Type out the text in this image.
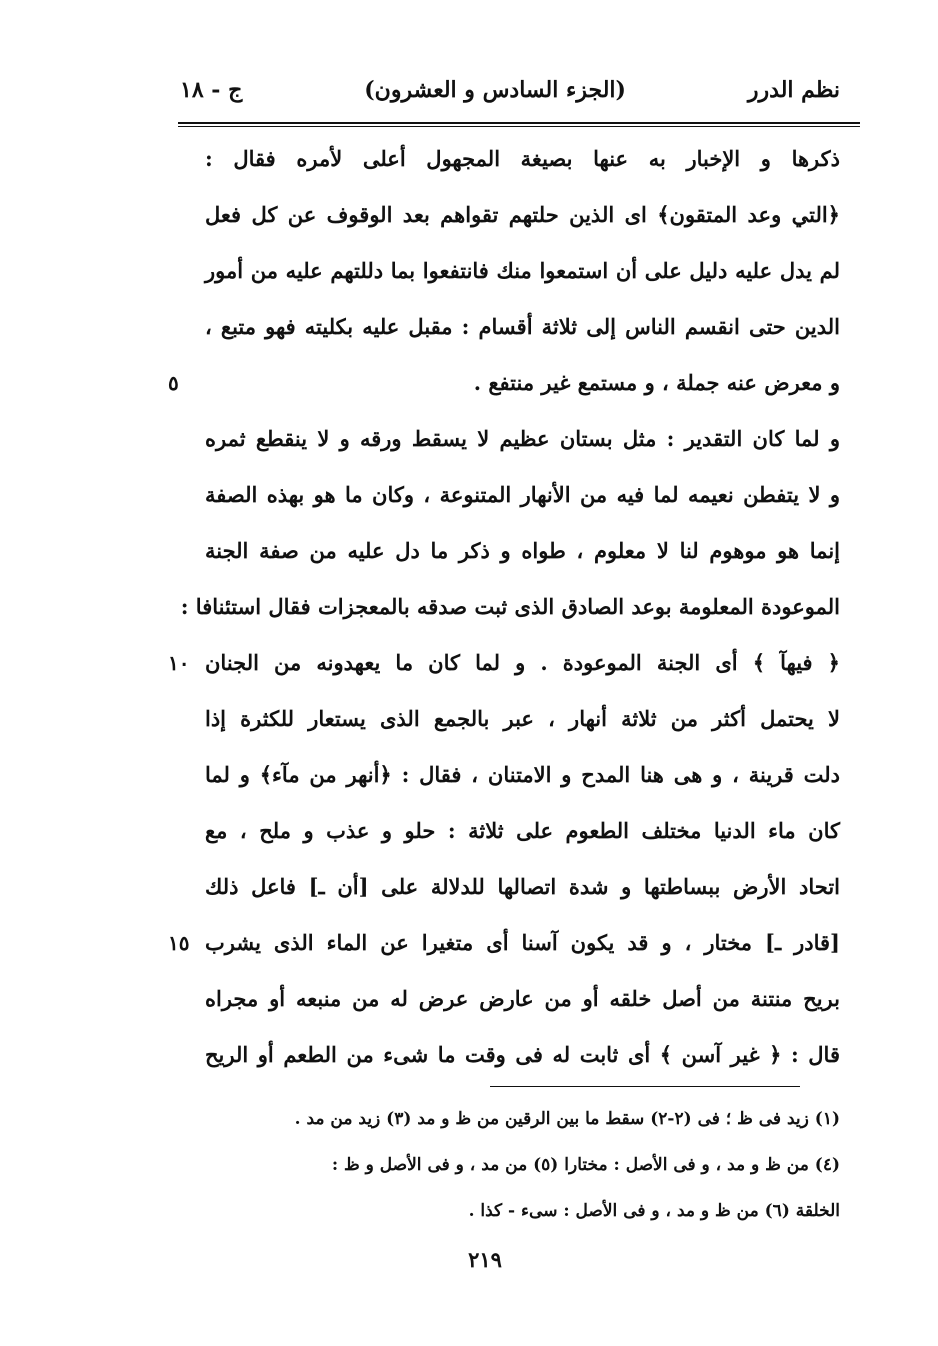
نظم الدرر
(الجزء السادس و العشرون)
ج - ١٨
ذكرها و الإخبار به عنها بصيغة المجهول أعلى لأمره فقال :
﴿التي وعد المتقون﴾ اى الذين حلتهم تقواهم بعد الوقوف عن كل فعل
لم يدل عليه دليل على أن استمعوا منك فانتفعوا بما دللتهم عليه من أمور
الدين حتى انقسم الناس إلى ثلاثة أقسام : مقبل عليه بكليته فهو متبع ،
و معرض عنه جملة ، و مستمع غير منتفع .
٥
و لما كان التقدير : مثل بستان عظيم لا يسقط ورقه و لا ينقطع ثمره
و لا يتفطن نعيمه لما فيه من الأنهار المتنوعة ، وكان ما هو بهذه الصفة
إنما هو موهوم لنا لا معلوم ، طواه و ذكر ما دل عليه من صفة الجنة
الموعودة المعلومة بوعد الصادق الذى ثبت صدقه بالمعجزات فقال استئنافا :
﴿ فيهآ ﴾ أى الجنة الموعودة . و لما كان ما يعهدونه من الجنان
١٠
لا يحتمل أكثر من ثلاثة أنهار ، عبر بالجمع الذى يستعار للكثرة إذا
دلت قرينة ، و هى هنا المدح و الامتنان ، فقال : ﴿أنهر من مآء﴾ و لما
كان ماء الدنيا مختلف الطعوم على ثلاثة : حلو و عذب و ملح ، مع
اتحاد الأرض ببساطتها و شدة اتصالها للدلالة على [أن ـ] فاعل ذلك
[قادر ـ] مختار ، و قد يكون آسنا أى متغيرا عن الماء الذى يشرب
١٥
بريح منتنة من أصل خلقه أو من عارض عرض له من منبعه أو مجراه
قال : ﴿ غير آسن ﴾ أى ثابت له فى وقت ما شىء من الطعم أو الريح
(١) زيد فى ظ ؛ فى (٢-٢) سقط ما بين الرقين من ظ و مد (٣) زيد من مد .
(٤) من ظ و مد ، و فى الأصل : مختارا (٥) من مد ، و فى الأصل و ظ :
الخلقة (٦) من ظ و مد ، و فى الأصل : سىء - كذا .
٢١٩
